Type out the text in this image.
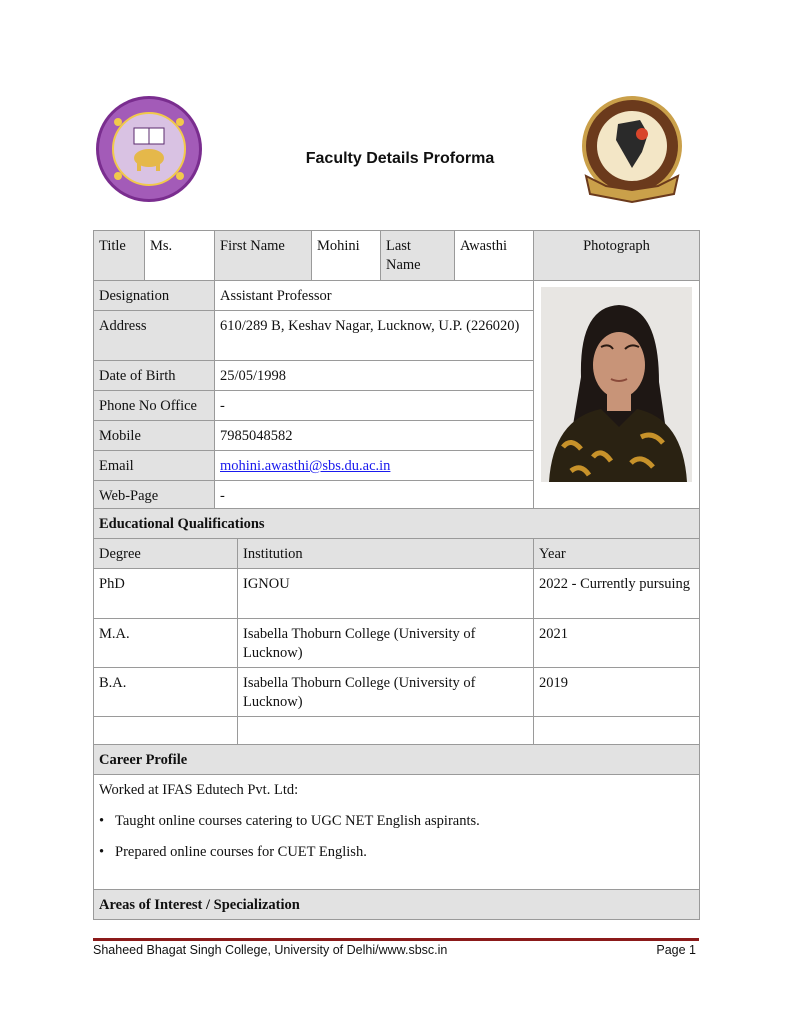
Faculty Details Proforma
Title	Ms.	First Name	Mohini	Last Name	Awasthi	Photograph
Designation		Assistant Professor	

Address		610/289 B, Keshav Nagar, Lucknow, U.P. (226020)				
Date of Birth		25/05/1998				
Phone No Office		-				
Mobile		7985048582				
Email		mohini.awasthi@sbs.du.ac.in				
Web-Page		-				
Educational Qualifications		
Degree	Institution	Year
PhD	IGNOU	2022 - Currently pursuing
M.A.	Isabella Thoburn College (University of Lucknow)	2021
B.A.	Isabella Thoburn College (University of Lucknow)	2019

Career Profile

Worked at IFAS Edutech Pvt. Ltd:
• Taught online courses catering to UGC NET English aspirants.
• Prepared online courses for CUET English.

Areas of Interest / Specialization
Shaheed Bhagat Singh College, University of Delhi/www.sbsc.in	Page 1
